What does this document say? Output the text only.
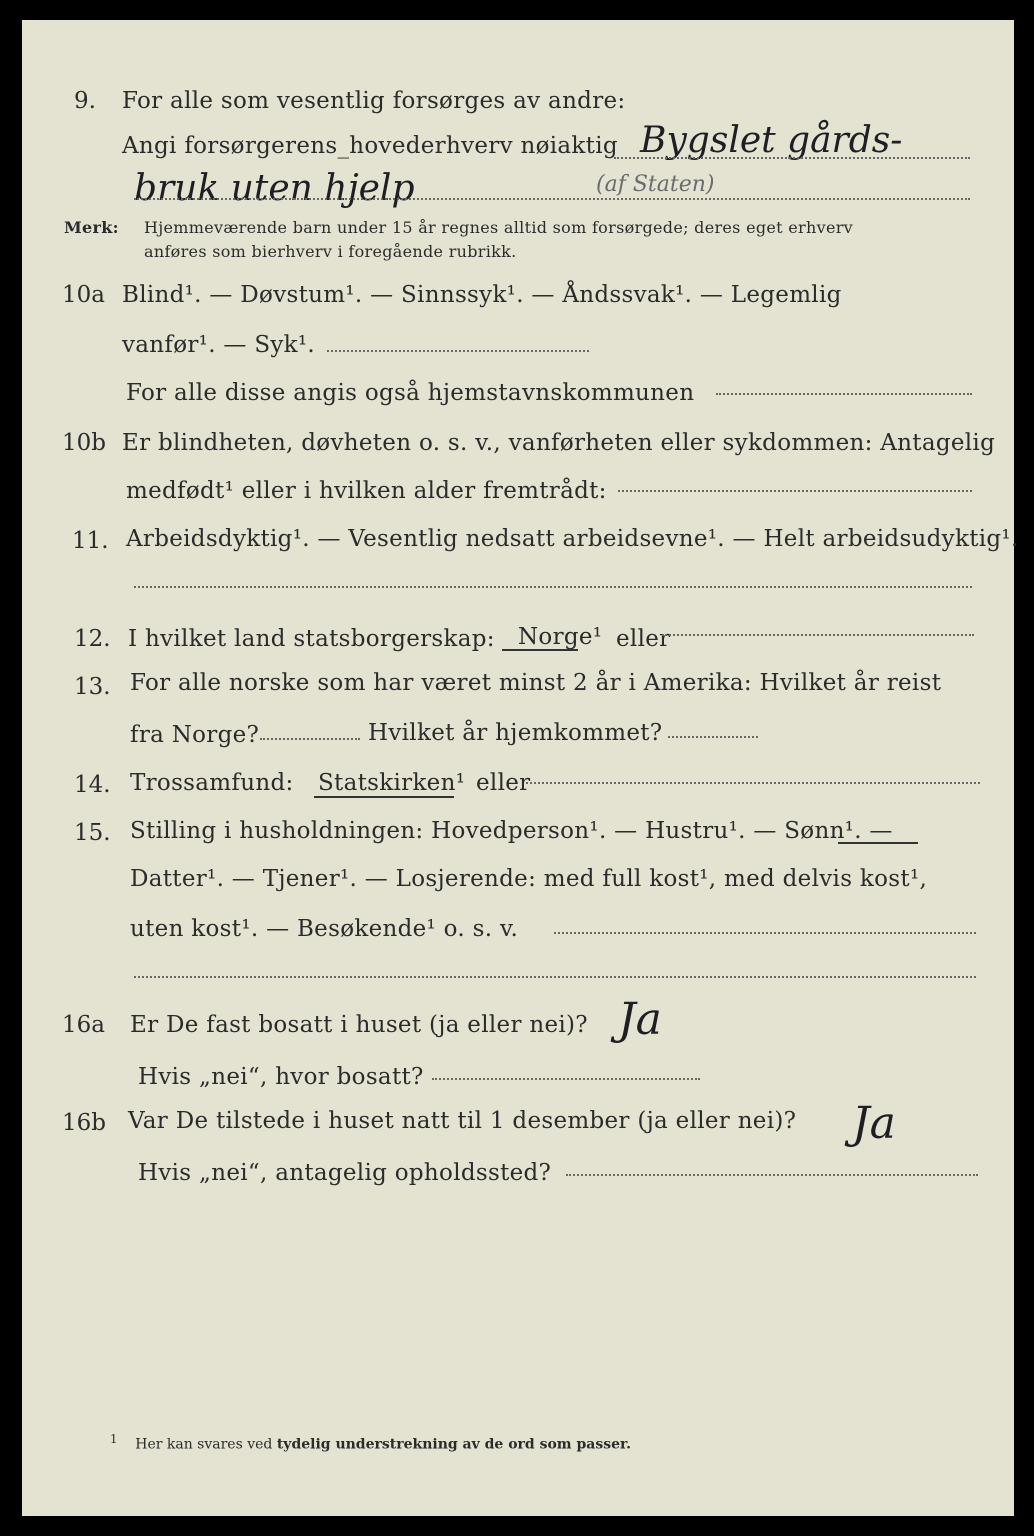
9. For alle som vesentlig forsørges av andre:
Angi forsørgerens_hovederhverv nøiaktig Bygslet gårds-
bruk uten hjelp	(af Staten)
Merk: Hjemmeværende barn under 15 år regnes alltid som forsørgede; deres eget erhverv
anføres som bierhverv i foregående rubrikk.
10a Blind¹. — Døvstum¹. — Sinnssyk¹. — Åndssvak¹. — Legemlig
vanfør¹. — Syk¹.
For alle disse angis også hjemstavnskommunen
10b Er blindheten, døvheten o. s. v., vanførheten eller sykdommen: Antagelig
medfødt¹ eller i hvilken alder fremtrådt:
11. Arbeidsdyktig¹. — Vesentlig nedsatt arbeidsevne¹. — Helt arbeidsudyktig¹.
12. I hvilket land statsborgerskap: Norge¹ eller
13. For alle norske som har været minst 2 år i Amerika: Hvilket år reist
fra Norge?	Hvilket år hjemkommet?
14. Trossamfund: Statskirken¹ eller
15. Stilling i husholdningen: Hovedperson¹. — Hustru¹. — Sønn¹. —
Datter¹. — Tjener¹. — Losjerende: med full kost¹, med delvis kost¹,
uten kost¹. — Besøkende¹ o. s. v.
16a Er De fast bosatt i huset (ja eller nei)? Ja
Hvis „nei“, hvor bosatt?
16b Var De tilstede i huset natt til 1 desember (ja eller nei)? Ja
Hvis „nei“, antagelig opholdssted?
$^1$ Her kan svares ved tydelig understrekning av de ord som passer.
